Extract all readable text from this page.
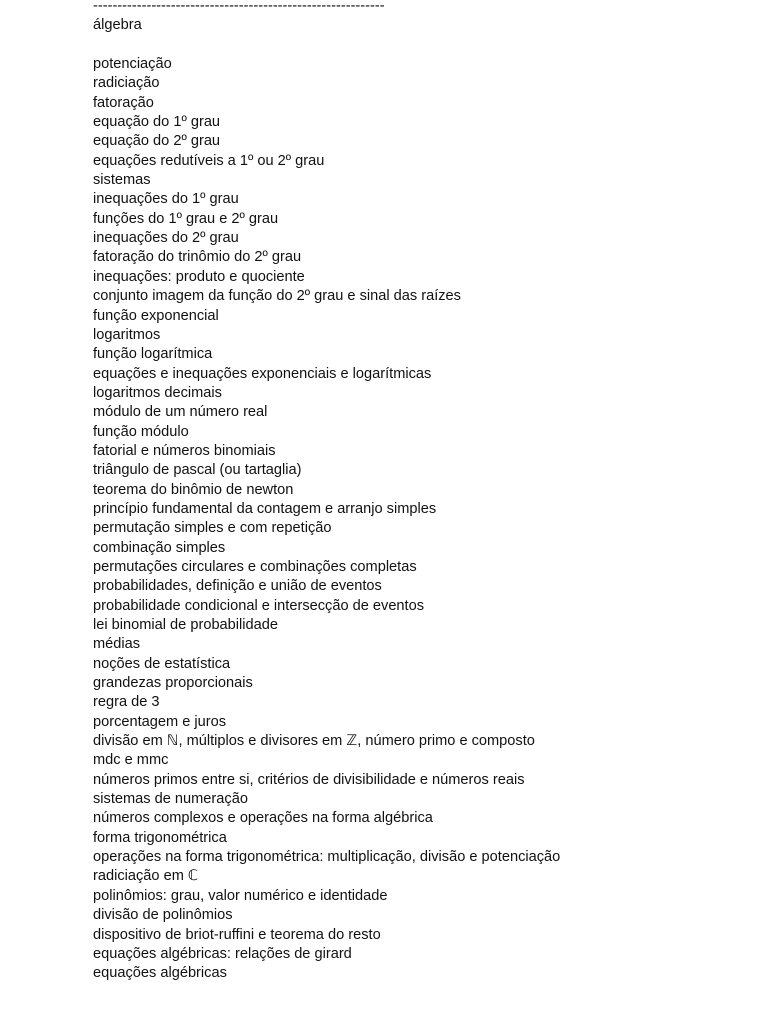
------------------------------------------------------------
álgebra
potenciação
radiciação
fatoração
equação do 1º grau
equação do 2º grau
equações redutíveis a 1º ou 2º grau
sistemas
inequações do 1º grau
funções do 1º grau e 2º grau
inequações do 2º grau
fatoração do trinômio do 2º grau
inequações: produto e quociente
conjunto imagem da função do 2º grau e sinal das raízes
função exponencial
logaritmos
função logarítmica
equações e inequações exponenciais e logarítmicas
logaritmos decimais
módulo de um número real
função módulo
fatorial e números binomiais
triângulo de pascal (ou tartaglia)
teorema do binômio de newton
princípio fundamental da contagem e arranjo simples
permutação simples e com repetição
combinação simples
permutações circulares e combinações completas
probabilidades, definição e união de eventos
probabilidade condicional e intersecção de eventos
lei binomial de probabilidade
médias
noções de estatística
grandezas proporcionais
regra de 3
porcentagem e juros
divisão em ℕ, múltiplos e divisores em ℤ, número primo e composto
mdc e mmc
números primos entre si, critérios de divisibilidade e números reais
sistemas de numeração
números complexos e operações na forma algébrica
forma trigonométrica
operações na forma trigonométrica: multiplicação, divisão e potenciação
radiciação em ℂ
polinômios: grau, valor numérico e identidade
divisão de polinômios
dispositivo de briot-ruffini e teorema do resto
equações algébricas: relações de girard
equações algébricas
